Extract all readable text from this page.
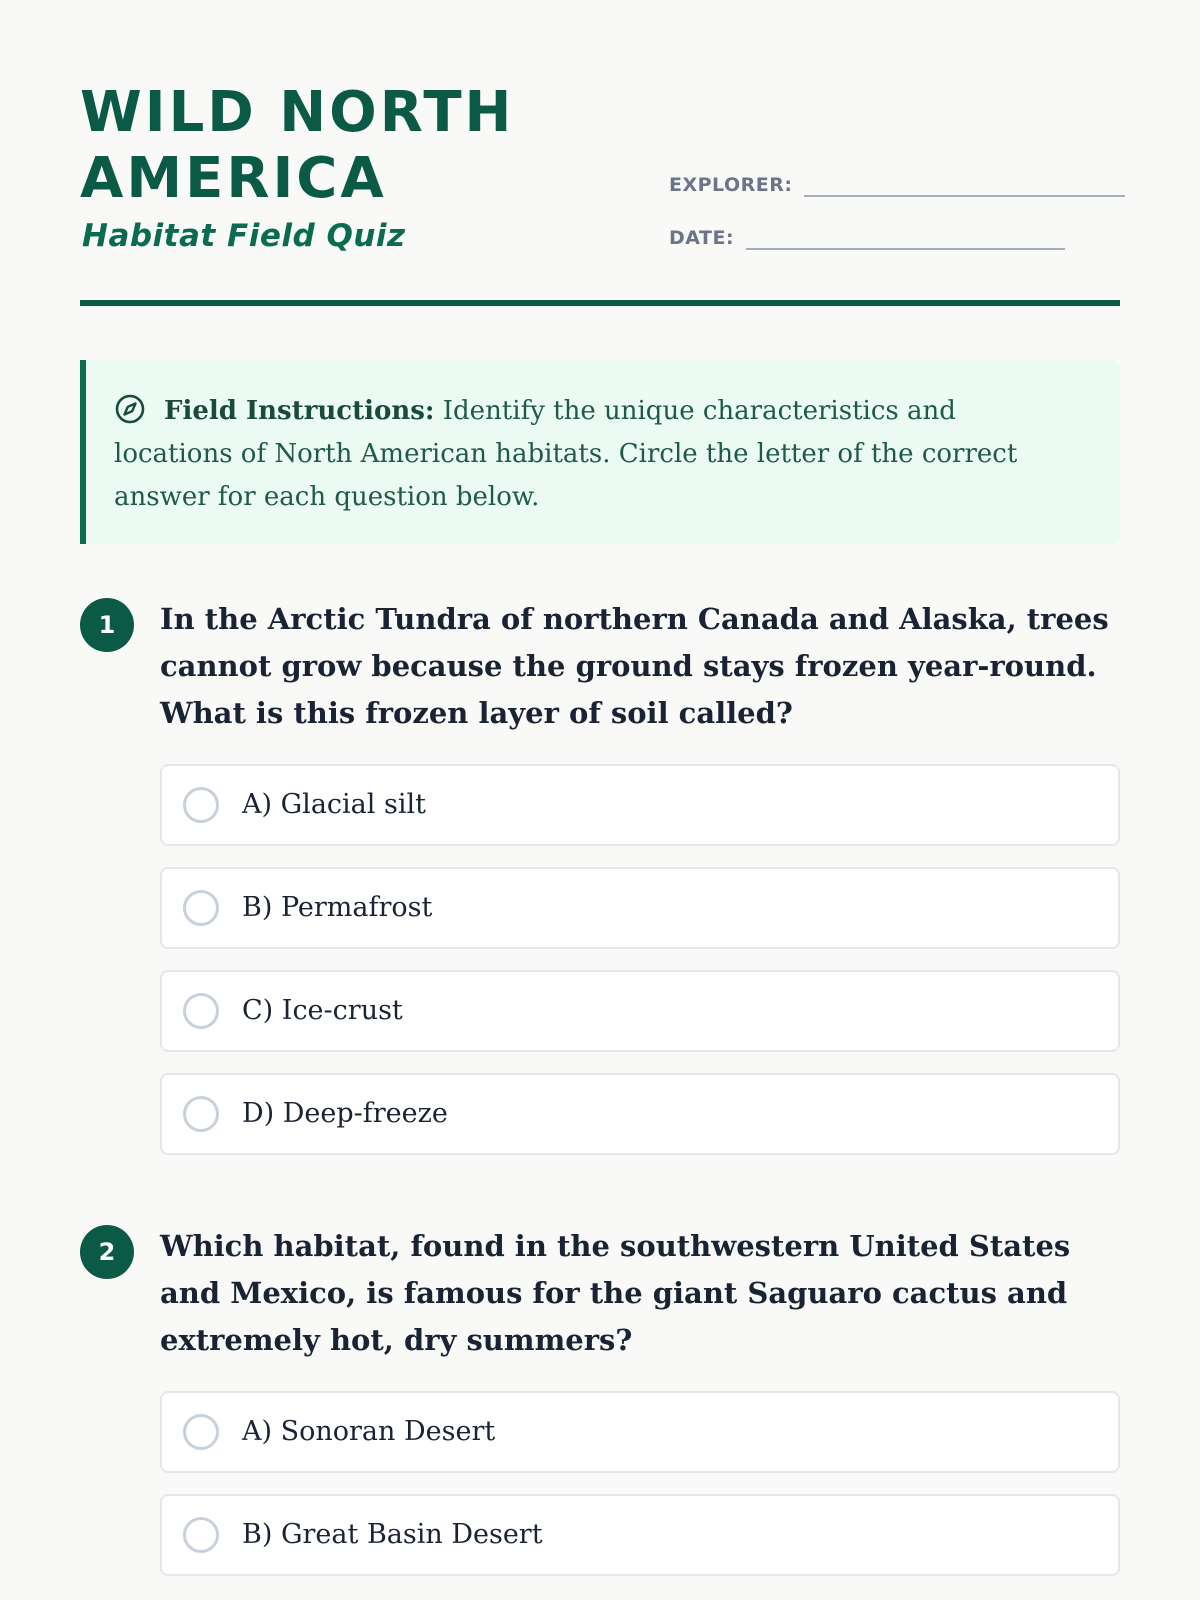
WILD NORTH AMERICA
Habitat Field Quiz
EXPLORER:
DATE:
Field Instructions: Identify the unique characteristics and locations of North American habitats. Circle the letter of the correct answer for each question below.
1	In the Arctic Tundra of northern Canada and Alaska, trees cannot grow because the ground stays frozen year-round. What is this frozen layer of soil called?

A) Glacial silt
B) Permafrost
C) Ice-crust
D) Deep-freeze
2	Which habitat, found in the southwestern United States and Mexico, is famous for the giant Saguaro cactus and extremely hot, dry summers?

A) Sonoran Desert
B) Great Basin Desert
